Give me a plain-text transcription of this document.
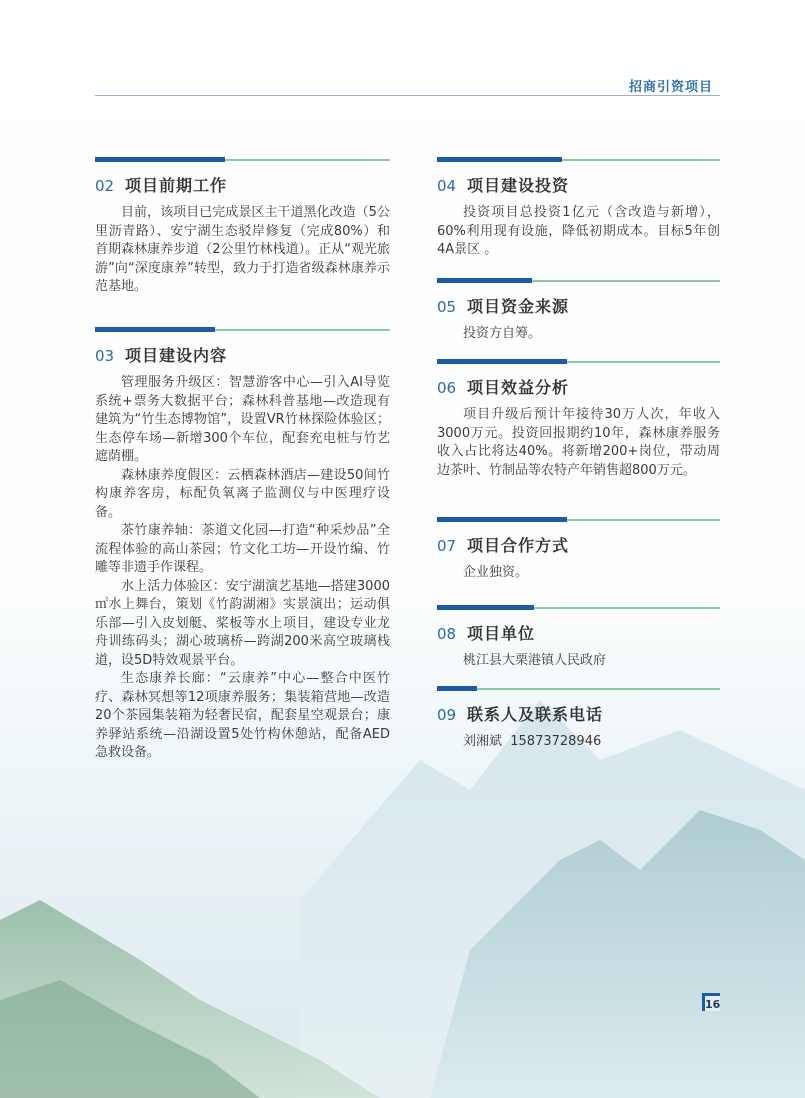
招商引资项目
02 项目前期工作

目前，该项目已完成景区主干道黑化改造（5公里沥青路）、安宁湖生态驳岸修复（完成80%）和首期森林康养步道（2公里竹林栈道）。正从“观光旅游”向“深度康养”转型，致力于打造省级森林康养示范基地。

03 项目建设内容

管理服务升级区：智慧游客中心—引入AI导览系统+票务大数据平台；森林科普基地—改造现有建筑为“竹生态博物馆”，设置VR竹林探险体验区；生态停车场—新增300个车位，配套充电桩与竹艺遮荫棚。

森林康养度假区：云栖森林酒店—建设50间竹构康养客房，标配负氧离子监测仪与中医理疗设备。

茶竹康养轴：茶道文化园—打造“种采炒品”全流程体验的高山茶园；竹文化工坊—开设竹编、竹雕等非遗手作课程。

水上活力体验区：安宁湖演艺基地—搭建3000㎡水上舞台，策划《竹韵湖湘》实景演出；运动俱乐部—引入皮划艇、桨板等水上项目，建设专业龙舟训练码头；湖心玻璃桥—跨湖200米高空玻璃栈道，设5D特效观景平台。

生态康养长廊：“云康养”中心—整合中医竹疗、森林冥想等12项康养服务；集装箱营地—改造20个茶园集装箱为轻奢民宿，配套星空观景台；康养驿站系统—沿湖设置5处竹构休憩站，配备AED急救设备。

04 项目建设投资

投资项目总投资1亿元（含改造与新增），60%利用现有设施，降低初期成本。目标5年创4A景区 。

05 项目资金来源

投资方自筹。

06 项目效益分析

项目升级后预计年接待30万人次，年收入3000万元。投资回报期约10年，森林康养服务收入占比将达40%。将新增200+岗位，带动周边茶叶、竹制品等农特产年销售超800万元。

07 项目合作方式

企业独资。

08 项目单位

桃江县大栗港镇人民政府

09 联系人及联系电话

刘湘斌  15873728946

16
